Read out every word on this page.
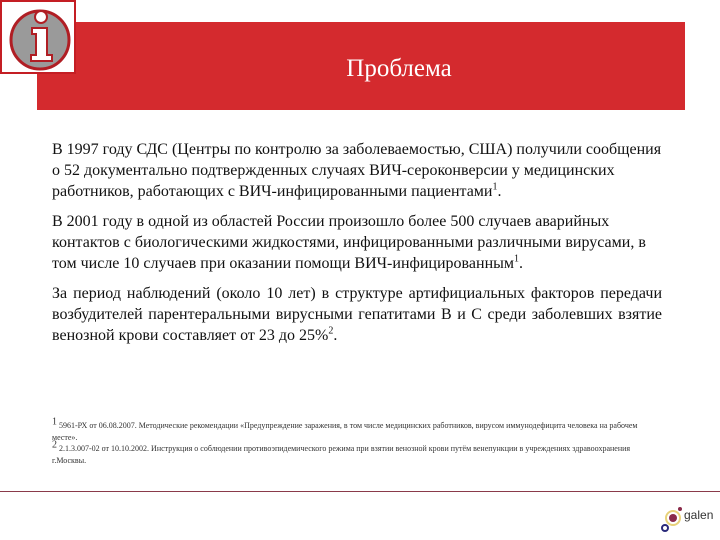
Проблема

В 1997 году СДС (Центры по контролю за заболеваемостью, США) получили сообщения о 52 документально подтвержденных случаях ВИЧ-сероконверсии у медицинских работников, работающих с ВИЧ-инфицированными пациентами$^1$.

В 2001 году в одной из областей России произошло более 500 случаев аварийных контактов с биологическими жидкостями, инфицированными различными вирусами, в том числе 10 случаев при оказании помощи ВИЧ-инфицированным$^1$.

За период наблюдений (около 10 лет) в структуре артифициальных факторов передачи возбудителей парентеральными вирусными гепатитами В и С среди заболевших взятие венозной крови составляет от 23 до 25%$^2$.

$^1$ 5961-РХ от 06.08.2007. Методические рекомендации «Предупреждение заражения, в том числе медицинских работников, вирусом иммунодефицита человека на рабочем месте».
$^2$ 2.1.3.007-02 от 10.10.2002. Инструкция о соблюдении противоэпидемического режима при взятии венозной крови путём венепункции в учреждениях здравоохранения г.Москвы.
galen
